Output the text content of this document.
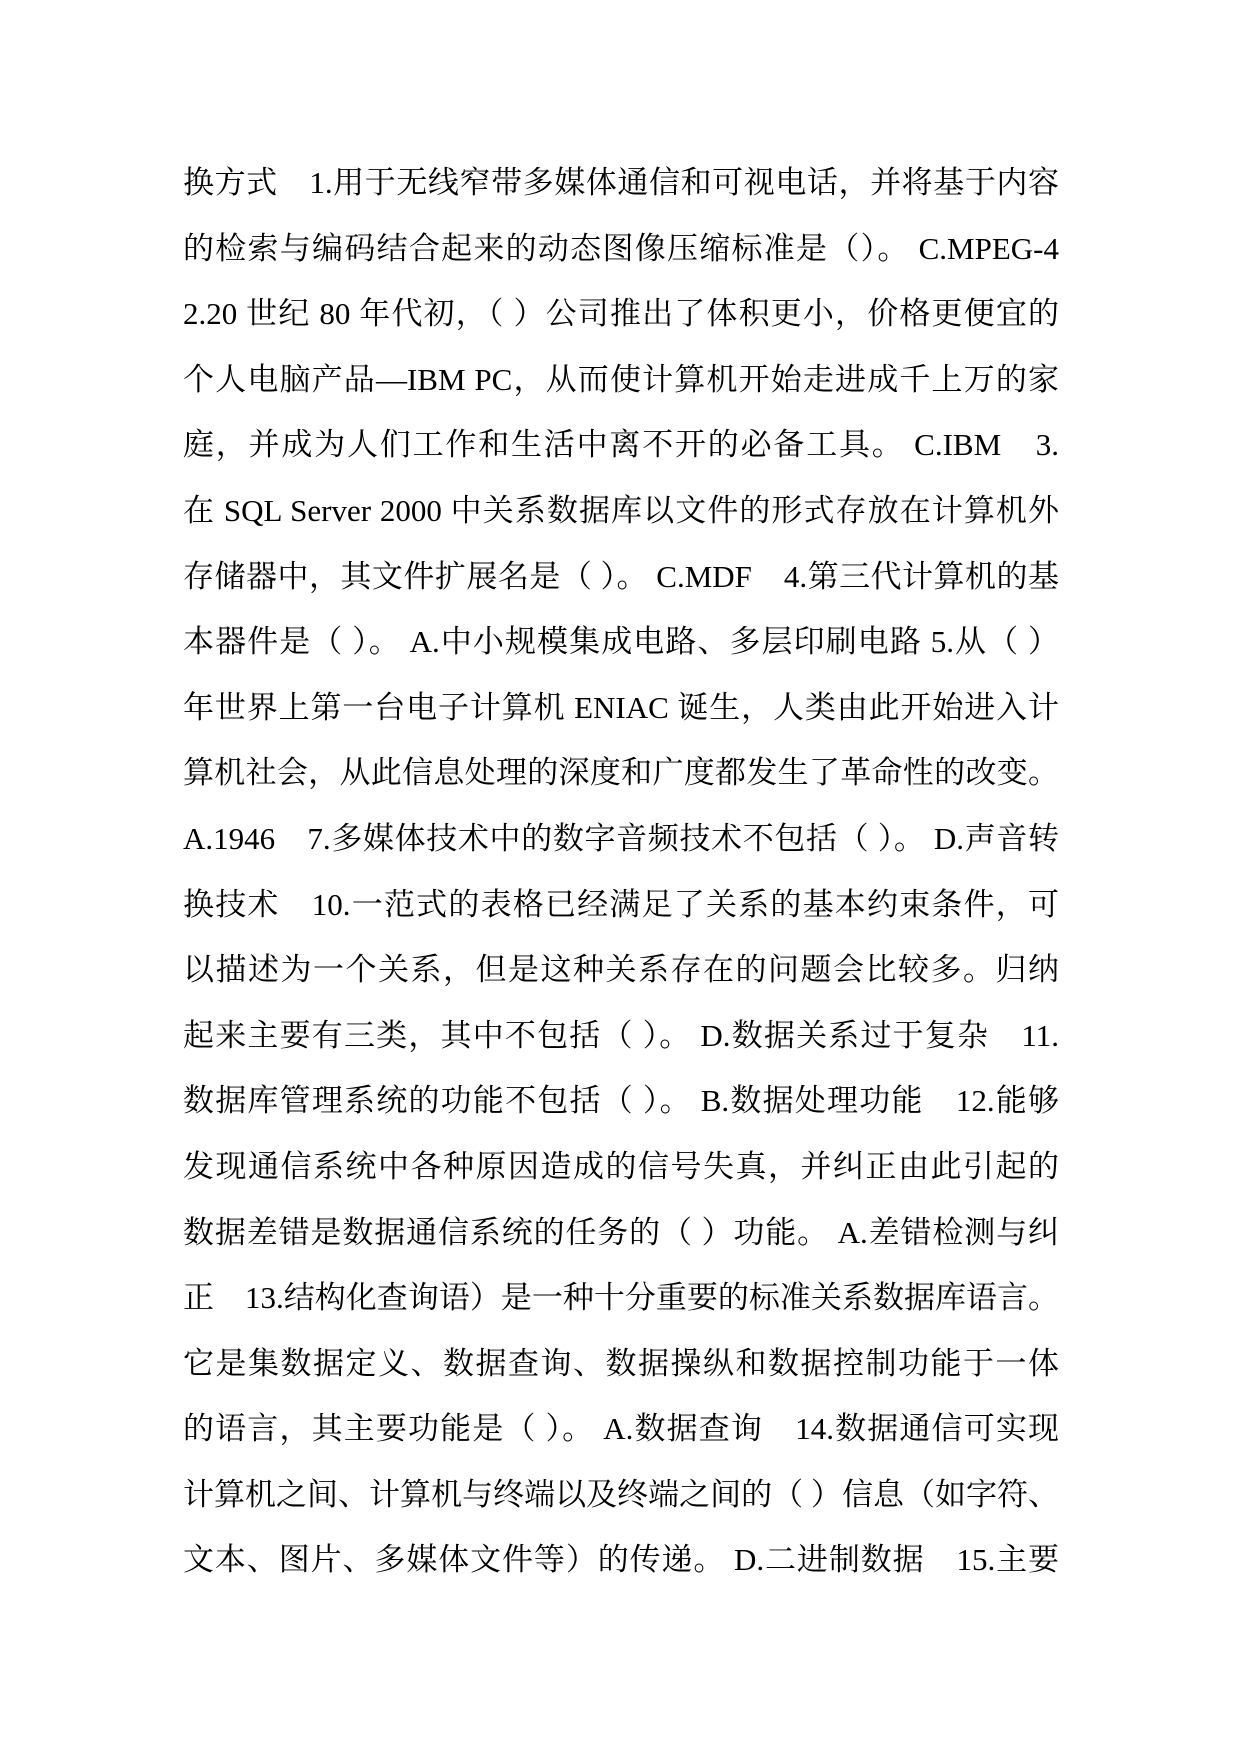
换方式　1.用于无线窄带多媒体通信和可视电话，并将基于内容
的检索与编码结合起来的动态图像压缩标准是（）。 C.MPEG-4
2.20 世纪 80 年代初，（ ）公司推出了体积更小，价格更便宜的
个人电脑产品—IBM PC，从而使计算机开始走进成千上万的家
庭，并成为人们工作和生活中离不开的必备工具。 C.IBM　3.
在 SQL Server 2000 中关系数据库以文件的形式存放在计算机外
存储器中，其文件扩展名是（ ）。 C.MDF　4.第三代计算机的基
本器件是（ ）。 A.中小规模集成电路、多层印刷电路 5.从（ ）
年世界上第一台电子计算机 ENIAC 诞生，人类由此开始进入计
算机社会，从此信息处理的深度和广度都发生了革命性的改变。
A.1946　7.多媒体技术中的数字音频技术不包括（ ）。 D.声音转
换技术　10.一范式的表格已经满足了关系的基本约束条件，可
以描述为一个关系，但是这种关系存在的问题会比较多。归纳
起来主要有三类，其中不包括（ ）。 D.数据关系过于复杂　11.
数据库管理系统的功能不包括（ ）。 B.数据处理功能　12.能够
发现通信系统中各种原因造成的信号失真，并纠正由此引起的
数据差错是数据通信系统的任务的（ ）功能。 A.差错检测与纠
正　13.结构化查询语）是一种十分重要的标准关系数据库语言。
它是集数据定义、数据查询、数据操纵和数据控制功能于一体
的语言，其主要功能是（ ）。 A.数据查询　14.数据通信可实现
计算机之间、计算机与终端以及终端之间的（ ）信息（如字符、
文本、图片、多媒体文件等）的传递。 D.二进制数据　15.主要
